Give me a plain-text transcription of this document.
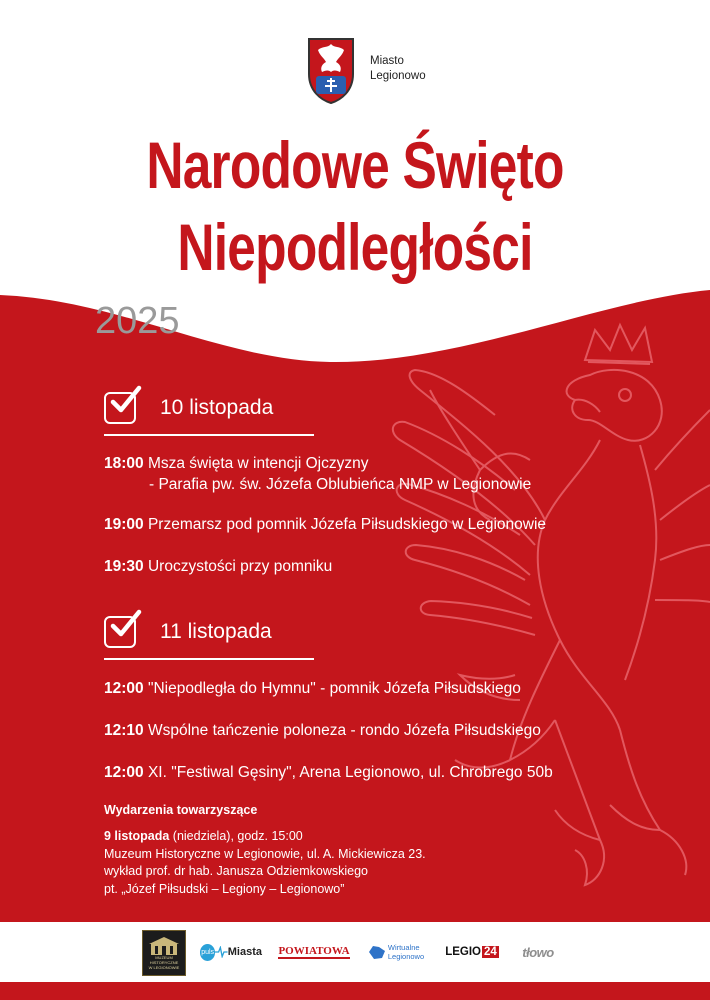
Miasto
Legionowo
Narodowe Święto
Niepodległości
2025
10 listopada
18:00 Msza święta w intencji Ojczyzny
- Parafia pw. św. Józefa Oblubieńca NMP w Legionowie
19:00 Przemarsz pod pomnik Józefa Piłsudskiego w Legionowie
19:30 Uroczystości przy pomniku
11 listopada
12:00 "Niepodległa do Hymnu" - pomnik Józefa Piłsudskiego
12:10 Wspólne tańczenie poloneza - rondo Józefa Piłsudskiego
12:00 XI. "Festiwal Gęsiny", Arena Legionowo, ul. Chrobrego 50b
Wydarzenia towarzyszące
9 listopada (niedziela), godz. 15:00
Muzeum Historyczne w Legionowie, ul. A. Mickiewicza 23.
wykład prof. dr hab. Janusza Odziemkowskiego
pt. „Józef Piłsudski – Legiony – Legionowo”
MUZEUM
HISTORYCZNE
W LEGIONOWIE
puls Miasta POWIATOWA	Wirtualne
Legionowo LEGIO 24 tłowo
